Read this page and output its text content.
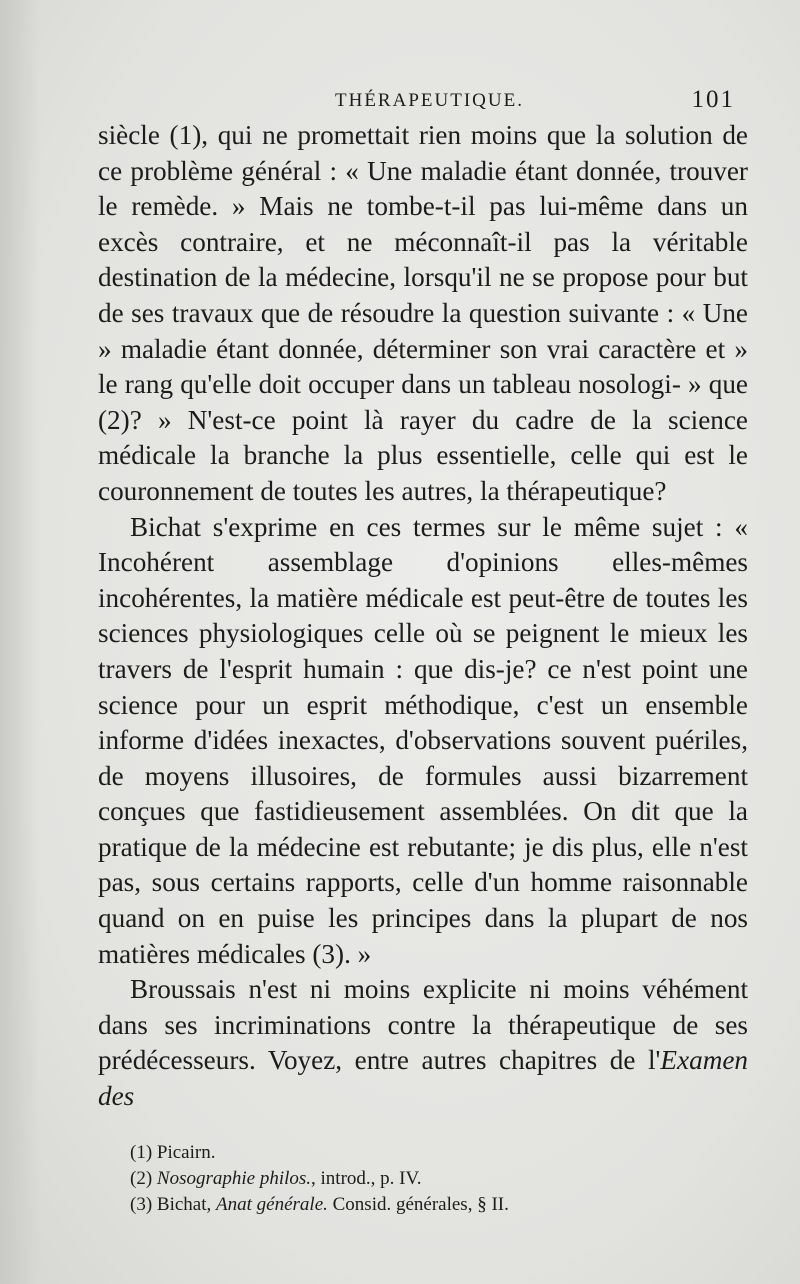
THÉRAPEUTIQUE.	101

siècle (1), qui ne promettait rien moins que la solution de ce problème général : « Une maladie étant donnée, trouver le remède. » Mais ne tombe-t-il pas lui-même dans un excès contraire, et ne méconnaît-il pas la véritable destination de la médecine, lorsqu'il ne se propose pour but de ses travaux que de résoudre la question suivante : « Une » maladie étant donnée, déterminer son vrai caractère et » le rang qu'elle doit occuper dans un tableau nosologi- » que (2)? » N'est-ce point là rayer du cadre de la science médicale la branche la plus essentielle, celle qui est le couronnement de toutes les autres, la thérapeutique?

Bichat s'exprime en ces termes sur le même sujet : « Incohérent assemblage d'opinions elles-mêmes incohérentes, la matière médicale est peut-être de toutes les sciences physiologiques celle où se peignent le mieux les travers de l'esprit humain : que dis-je? ce n'est point une science pour un esprit méthodique, c'est un ensemble informe d'idées inexactes, d'observations souvent puériles, de moyens illusoires, de formules aussi bizarrement conçues que fastidieusement assemblées. On dit que la pratique de la médecine est rebutante; je dis plus, elle n'est pas, sous certains rapports, celle d'un homme raisonnable quand on en puise les principes dans la plupart de nos matières médicales (3). »

Broussais n'est ni moins explicite ni moins véhément dans ses incriminations contre la thérapeutique de ses prédécesseurs. Voyez, entre autres chapitres de l'Examen des

(1) Picairn.
(2) Nosographie philos., introd., p. IV.
(3) Bichat, Anat générale. Consid. générales, § II.
